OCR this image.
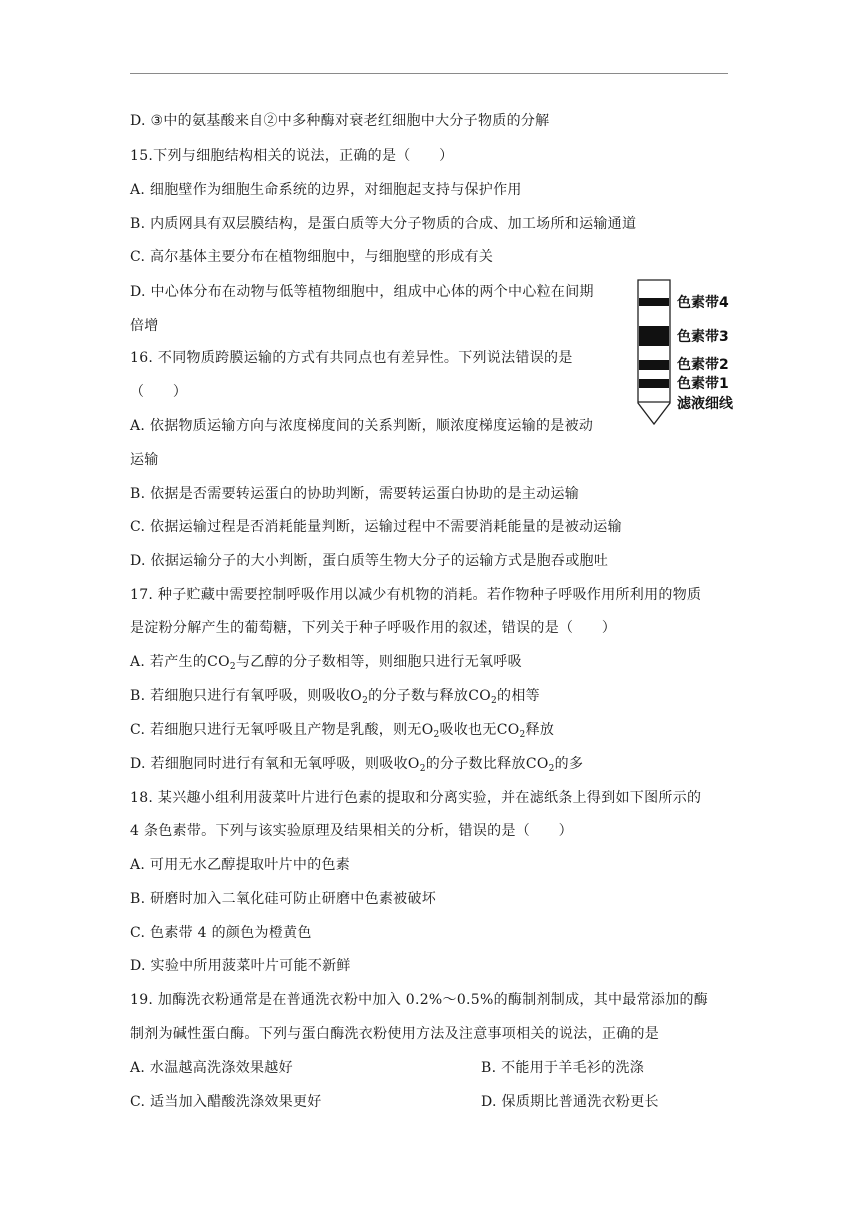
D. ③中的氨基酸来自②中多种酶对衰老红细胞中大分子物质的分解
15.下列与细胞结构相关的说法，正确的是（　　）
A. 细胞壁作为细胞生命系统的边界，对细胞起支持与保护作用
B. 内质网具有双层膜结构，是蛋白质等大分子物质的合成、加工场所和运输通道
C. 高尔基体主要分布在植物细胞中，与细胞壁的形成有关
D. 中心体分布在动物与低等植物细胞中，组成中心体的两个中心粒在间期
倍增
16. 不同物质跨膜运输的方式有共同点也有差异性。下列说法错误的是
（　　）
A. 依据物质运输方向与浓度梯度间的关系判断，顺浓度梯度运输的是被动
运输
B. 依据是否需要转运蛋白的协助判断，需要转运蛋白协助的是主动运输
C. 依据运输过程是否消耗能量判断，运输过程中不需要消耗能量的是被动运输
D. 依据运输分子的大小判断，蛋白质等生物大分子的运输方式是胞吞或胞吐
17. 种子贮藏中需要控制呼吸作用以减少有机物的消耗。若作物种子呼吸作用所利用的物质
是淀粉分解产生的葡萄糖，下列关于种子呼吸作用的叙述，错误的是（　　）
A. 若产生的$CO_2$与乙醇的分子数相等，则细胞只进行无氧呼吸
B. 若细胞只进行有氧呼吸，则吸收$O_2$的分子数与释放$CO_2$的相等
C. 若细胞只进行无氧呼吸且产物是乳酸，则无$O_2$吸收也无$CO_2$释放
D. 若细胞同时进行有氧和无氧呼吸，则吸收$O_2$的分子数比释放$CO_2$的多
18. 某兴趣小组利用菠菜叶片进行色素的提取和分离实验，并在滤纸条上得到如下图所示的
4 条色素带。下列与该实验原理及结果相关的分析，错误的是（　　）
A. 可用无水乙醇提取叶片中的色素
B. 研磨时加入二氧化硅可防止研磨中色素被破坏
C. 色素带 4 的颜色为橙黄色
D. 实验中所用菠菜叶片可能不新鲜
19. 加酶洗衣粉通常是在普通洗衣粉中加入 0.2%～0.5%的酶制剂制成，其中最常添加的酶
制剂为碱性蛋白酶。下列与蛋白酶洗衣粉使用方法及注意事项相关的说法，正确的是
A. 水温越高洗涤效果越好	B. 不能用于羊毛衫的洗涤
C. 适当加入醋酸洗涤效果更好	D. 保质期比普通洗衣粉更长
色素带4
色素带3
色素带2
色素带1
滤液细线
